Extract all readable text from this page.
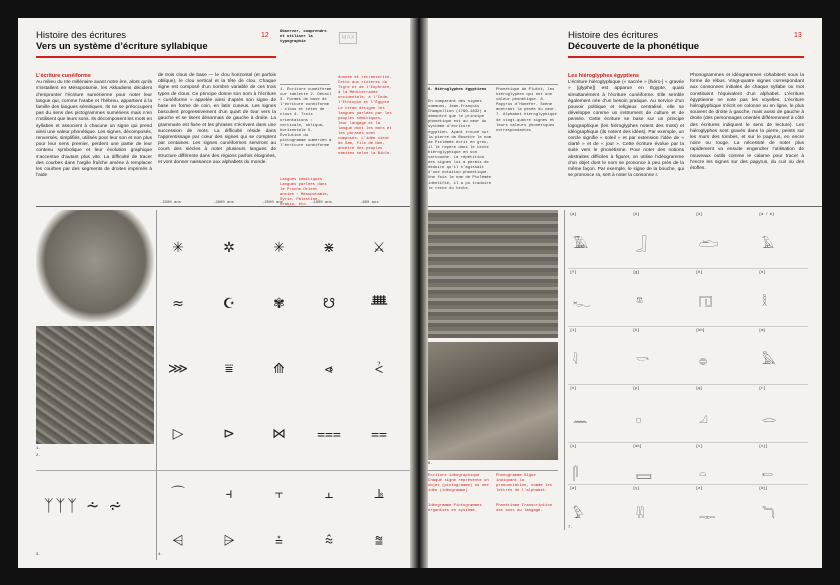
Histoire des écritures
Vers un système d’écriture syllabique
12	Observer, comprendre et utiliser la typographie
MAX
L’écriture cunéiforme
Au milieu du IIIe millénaire avant notre ère, alors qu’ils s’installent en Mésopotamie, les Akkadiens décident d’emprunter l’écriture sumérienne pour noter leur langue qui, comme l’arabe et l’hébreu, appartient à la famille des langues sémitiques. Ils ne se préoccupent pas du sens des pictogrammes sumériens mais n’en n’utilisent que leurs sons. Ils décomposent les mots en syllabes et associent à chacune un signe qui prend ainsi une valeur phonétique. Les signes, décomposés, renversés, simplifiés, utilisés pour leur son et non plus pour leur sens premier, perdent une partie de leur contenu symbolique et leur évolution graphique s’accentue d’autant plus vite. La difficulté de tracer des courbes dans l’argile fraîche amène à remplacer les courbes par des segments de droites imprimés à l’aide
de trois clous de base — le clou horizontal (et parfois oblique), le clou vertical et la tête de clou. Chaque signe est composé d’un nombre variable de ces trois types de clous. Ce principe donne son nom à l’écriture « cunéiforme » appelée ainsi d’après son signe de base en forme de coin, en latin cuneus. Les signes basculent progressivement d’un quart de tour vers la gauche et se lisent désormais de gauche à droite. La grammaire est fixée et les phrases s’écrivent dans une succession de mots. La difficulté réside dans l’apprentissage par cœur des signes qui se comptent par centaines. Les signes cunéiformes serviront au cours des siècles à noter plusieurs langues de structure différente dans des régions parfois éloignées, et vont donner naissance aux alphabets du monde.
1. Écriture cunéiforme sur tablette 2. Détail 3. Formes de base de l’écriture cunéiforme : clous et têtes de clous 4. Trois orientations : verticale, oblique, horizontale 5. Évolution du pictogramme sumérien à l’écriture cunéiforme
Langues sémitiques Langues parlées dans le Proche-Orient ancien : Mésopotamie, Syrie, Palestine,
donnée et retranscrite. Cette aux rivières du Tigre et de l’Euphrate, à la Méditerranée occidentale, à l’Inde, l’Ethiopie et l’Égypte Le terme désigne les langues parlées par les peuples sémitiques, leur langage et la langue dont les mots et les phrases sont composés. L’idée vient de Sem, fils de Noé, ancêtre des peuples sémites selon la Bible.
-3300 ans	-2800 ans	-2500 ans	-1800 ans	-600 ans
1.
2.
3.	4.
ᛉᛉᛉ ⩪ ⩫
✳	✲	✳	⋇	⚔
≈	☪	✾	☋	ᚙ
⋙	⩸	⟰	⩹	⩻
▷	⊳	⋈	⩶	⩵
⌒	⫞	⫟	⫠	⫡
⩤	⩥	⩮	⩯	⩰
Histoire des écritures
Découverte de la phonétique
13
6. Hiéroglyphes égyptiens
En comparant des signes communs, Jean-François Champollion (1790-1832) a démontré que le principe phonétique est au cœur du système d’écriture égyptien. Ayant trouvé sur la pierre de Rosette le nom de Ptolémée écrit en grec, il le repère dans le texte hiéroglyphique en son cartouche. La répétition des signes lui a permis de déduire qu’il s’agissait d’une notation phonétique. Une fois le nom de Ptolémée identifié, il a pu traduire le reste du texte.
Phonétique de Plutôt, les hiéroglyphes qui ont une valeur phonétique. 8. Papyrus d’Hunefer. Scène montrant la pesée du cœur. 7. Alphabet hiéroglyphique de vingt-quatre signes et leurs valeurs phonétiques correspondantes
Les hiéroglyphes égyptiens
L’écriture hiéroglyphique (« sacrée » [hiéro-] « gravée » [glyphe]) est apparue en Égypte, quasi simultanément à l’écriture cunéiforme. Elle semble également née d’un besoin pratique. Au service d’un pouvoir politique et religieux centralisé, elle se développe comme un instrument de culture et de pensée. Cette écriture se base sur un principe logographique (les hiéroglyphes notent des mots) et idéographique (ils notent des idées). Par exemple, un cercle signifie « soleil » et par extension l’idée de « clarté » et de « jour ». Cette écriture évolue par la suite vers le phonétisme. Pour noter des notions abstraites difficiles à figurer, on utilise l’idéogramme d’un objet dont le nom se prononce à peu près de la même façon. Par exemple, le signe de la bouche, qui se prononce ra, sert à noter la consonne r.
Phonogrammes et idéogrammes cohabitent sous la forme de rébus. Vingt-quatre signes correspondant aux consonnes initiales de chaque syllabe ou mot constituent l’équivalent d’un alphabet. L’écriture égyptienne ne note pas les voyelles. L’écriture hiéroglyphique s’écrit en colonne ou en ligne, le plus souvent de droite à gauche, mais aussi de gauche à droite (des personnages orientés différemment à côté des écritures indiquent le sens de lecture). Les hiéroglyphes sont gravés dans la pierre, peints sur les murs des tombes, et sur le papyrus, en encre noire ou rouge. La nécessité de noter plus rapidement va ensuite engendrer l’utilisation de nouveaux outils comme le calame pour tracer à l’encre les signes sur des papyrus, du cuir ou des étoffes.
6.
7.
Écriture idéographique Chaque signe représente un objet (pictogramme) ou une idée (idéogramme).
Phonogramme Signe indiquant la prononciation, comme les lettres de l’alphabet.
Idéogramme Pictogrammes organisés en système.
Phonétisme Transcription des sons du langage.
[a]	[b]	[d]	[a / e]
𓅀	𓃀	𓂧	𓄿
[f]	[g]	[h]	[h]
𓆑	𓎼	𓉔	𓎛
[i]	[k]	[kh]	[m]
𓇋	𓎡	𓐍	𓅓
[n]	[p]	[q]	[r]
𓈖	𓊪	𓈎	𓂋
[s]	[sh]	[t]	[tj]
𓋴	𓈙	𓏏	𓍿
[w]	[y]	[z]	[dj]
𓅱	𓇌	𓊃	𓆓
